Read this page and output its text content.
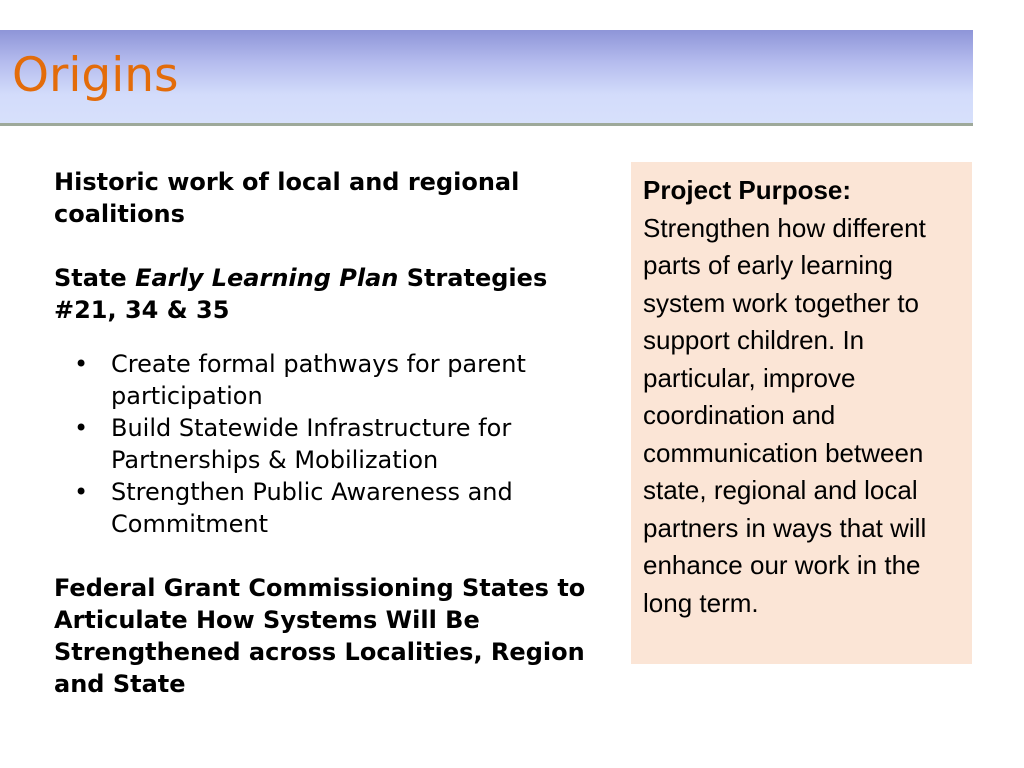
Origins

Historic work of local and regional coalitions

State Early Learning Plan Strategies #21, 34 & 35

• Create formal pathways for parent participation
• Build Statewide Infrastructure for Partnerships & Mobilization
• Strengthen Public Awareness and Commitment

Federal Grant Commissioning States to Articulate How Systems Will Be Strengthened across Localities, Region and State

Project Purpose:
Strengthen how different parts of early learning system work together to support children. In particular, improve coordination and communication between state, regional and local partners in ways that will enhance our work in the long term.
